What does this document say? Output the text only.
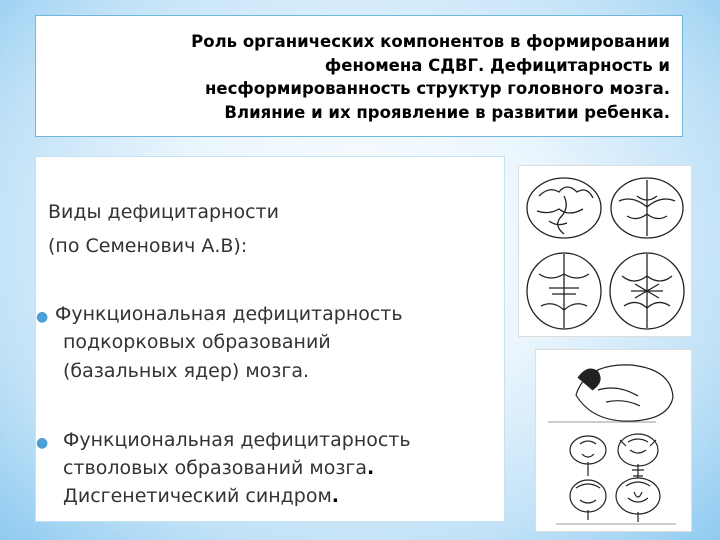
Роль органических компонентов в формировании
феномена СДВГ. Дефицитарность и
несформированность структур головного мозга.
Влияние и их проявление в развитии ребенка.
Виды дефицитарности
(по Семенович А.В):
● Функциональная дефицитарность
подкорковых образований
(базальных ядер) мозга.
● Функциональная дефицитарность
стволовых образований мозга.
Дисгенетический синдром.
